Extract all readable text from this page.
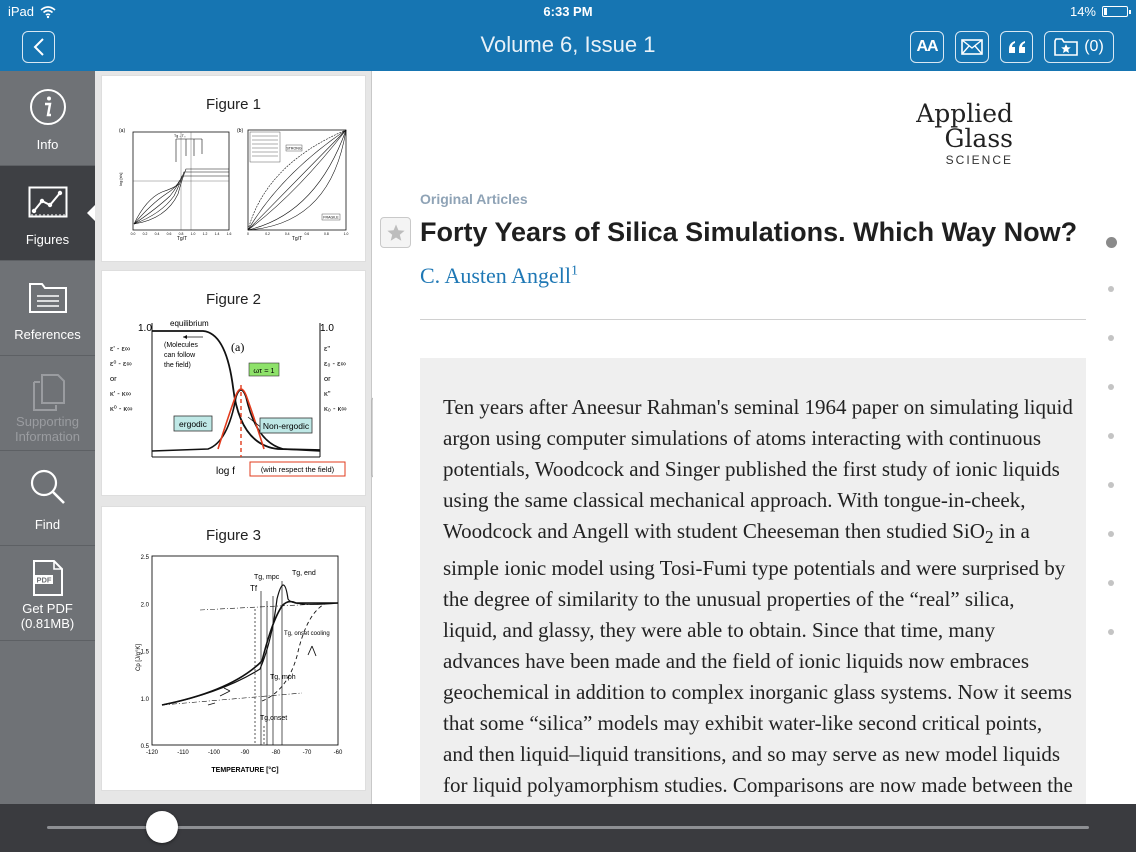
iPad	6:33 PM	14%
Volume 6, Issue 1	AA	(0)
Info
Figures
References
Supporting Information
Find
PDF
Get PDF (0.81MB)
Figure 1
(a)	(b)
log [τ/s]
Tg/T
Tg→T₀
0.0 0.2 0.4 0.6 0.8 1.0 1.2 1.4 1.6
STRONG
FRAGILE
Tg/T
0	0.2	0.4	0.6	0.8	1.0
Figure 2
1.0	1.0
equilibrium
(Molecules
can follow
the field)
(a)
ωτ ≈ 1
ergodic	Non-ergodic
log f	(with respect the field)
ε' - ε∞
ε⁰ - ε∞
or
κ' - κ∞
κ⁰ - κ∞
ε''
ε₀ - ε∞
or
κ''
κ₀ - κ∞
Figure 3
2.5
2.0
1.5
1.0
0.5
-120	-110	-100	-90	-80	-70	-60
Cp [J/g°K]
TEMPERATURE [°C]
Tg, mpc
Tf
Tg, end
Tg, onset cooling
Tg, mph
Tg,onset
Applied
Glass
SCIENCE
Original Articles
Forty Years of Silica Simulations. Which Way Now?
C. Austen Angell$^1$
Ten years after Aneesur Rahman's seminal 1964 paper on simulating liquid argon using computer simulations of atoms interacting with continuous potentials, Woodcock and Singer published the first study of ionic liquids using the same classical mechanical approach. With tongue-in-cheek, Woodcock and Angell with student Cheeseman then studied SiO$_2$ in a simple ionic model using Tosi-Fumi type potentials and were surprised by the degree of similarity to the unusual properties of the “real” silica, liquid, and glassy, they were able to obtain. Since that time, many advances have been made and the field of ionic liquids now embraces geochemical in addition to complex inorganic glass systems. Now it seems that some “silica” models may exhibit water-like second critical points, and then liquid–liquid transitions, and so may serve as new model liquids for liquid polyamorphism studies. Comparisons are now made between the
